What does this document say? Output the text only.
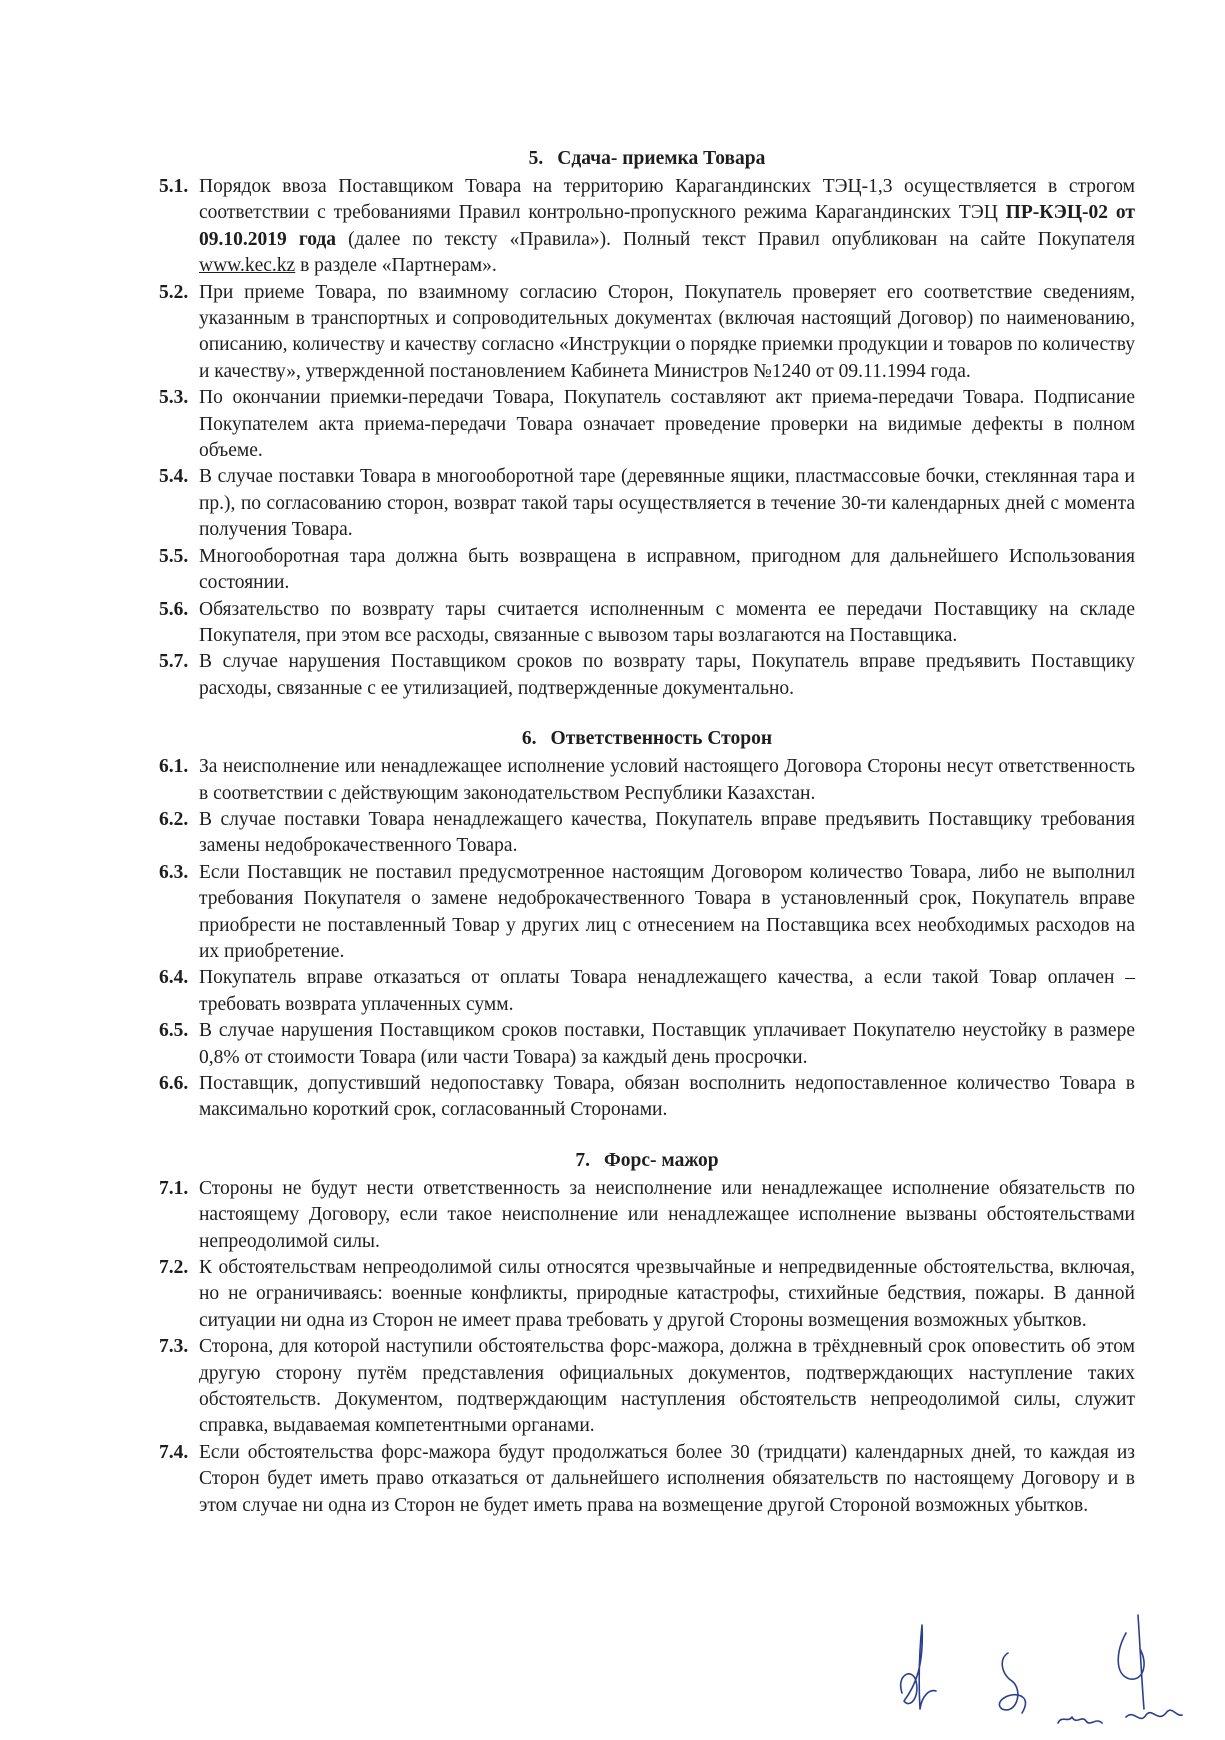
5. Сдача- приемка Товара
5.1. Порядок ввоза Поставщиком Товара на территорию Карагандинских ТЭЦ-1,3 осуществляется в строгом соответствии с требованиями Правил контрольно-пропускного режима Карагандинских ТЭЦ ПР-КЭЦ-02 от 09.10.2019 года (далее по тексту «Правила»). Полный текст Правил опубликован на сайте Покупателя www.kec.kz в разделе «Партнерам».
5.2. При приеме Товара, по взаимному согласию Сторон, Покупатель проверяет его соответствие сведениям, указанным в транспортных и сопроводительных документах (включая настоящий Договор) по наименованию, описанию, количеству и качеству согласно «Инструкции о порядке приемки продукции и товаров по количеству и качеству», утвержденной постановлением Кабинета Министров №1240 от 09.11.1994 года.
5.3. По окончании приемки-передачи Товара, Покупатель составляют акт приема-передачи Товара. Подписание Покупателем акта приема-передачи Товара означает проведение проверки на видимые дефекты в полном объеме.
5.4. В случае поставки Товара в многооборотной таре (деревянные ящики, пластмассовые бочки, стеклянная тара и пр.), по согласованию сторон, возврат такой тары осуществляется в течение 30-ти календарных дней с момента получения Товара.
5.5. Многооборотная тара должна быть возвращена в исправном, пригодном для дальнейшего Использования состоянии.
5.6. Обязательство по возврату тары считается исполненным с момента ее передачи Поставщику на складе Покупателя, при этом все расходы, связанные с вывозом тары возлагаются на Поставщика.
5.7. В случае нарушения Поставщиком сроков по возврату тары, Покупатель вправе предъявить Поставщику расходы, связанные с ее утилизацией, подтвержденные документально.
6. Ответственность Сторон
6.1. За неисполнение или ненадлежащее исполнение условий настоящего Договора Стороны несут ответственность в соответствии с действующим законодательством Республики Казахстан.
6.2. В случае поставки Товара ненадлежащего качества, Покупатель вправе предъявить Поставщику требования замены недоброкачественного Товара.
6.3. Если Поставщик не поставил предусмотренное настоящим Договором количество Товара, либо не выполнил требования Покупателя о замене недоброкачественного Товара в установленный срок, Покупатель вправе приобрести не поставленный Товар у других лиц с отнесением на Поставщика всех необходимых расходов на их приобретение.
6.4. Покупатель вправе отказаться от оплаты Товара ненадлежащего качества, а если такой Товар оплачен – требовать возврата уплаченных сумм.
6.5. В случае нарушения Поставщиком сроков поставки, Поставщик уплачивает Покупателю неустойку в размере 0,8% от стоимости Товара (или части Товара) за каждый день просрочки.
6.6. Поставщик, допустивший недопоставку Товара, обязан восполнить недопоставленное количество Товара в максимально короткий срок, согласованный Сторонами.
7. Форс- мажор
7.1. Стороны не будут нести ответственность за неисполнение или ненадлежащее исполнение обязательств по настоящему Договору, если такое неисполнение или ненадлежащее исполнение вызваны обстоятельствами непреодолимой силы.
7.2. К обстоятельствам непреодолимой силы относятся чрезвычайные и непредвиденные обстоятельства, включая, но не ограничиваясь: военные конфликты, природные катастрофы, стихийные бедствия, пожары. В данной ситуации ни одна из Сторон не имеет права требовать у другой Стороны возмещения возможных убытков.
7.3. Сторона, для которой наступили обстоятельства форс-мажора, должна в трёхдневный срок оповестить об этом другую сторону путём представления официальных документов, подтверждающих наступление таких обстоятельств. Документом, подтверждающим наступления обстоятельств непреодолимой силы, служит справка, выдаваемая компетентными органами.
7.4. Если обстоятельства форс-мажора будут продолжаться более 30 (тридцати) календарных дней, то каждая из Сторон будет иметь право отказаться от дальнейшего исполнения обязательств по настоящему Договору и в этом случае ни одна из Сторон не будет иметь права на возмещение другой Стороной возможных убытков.
